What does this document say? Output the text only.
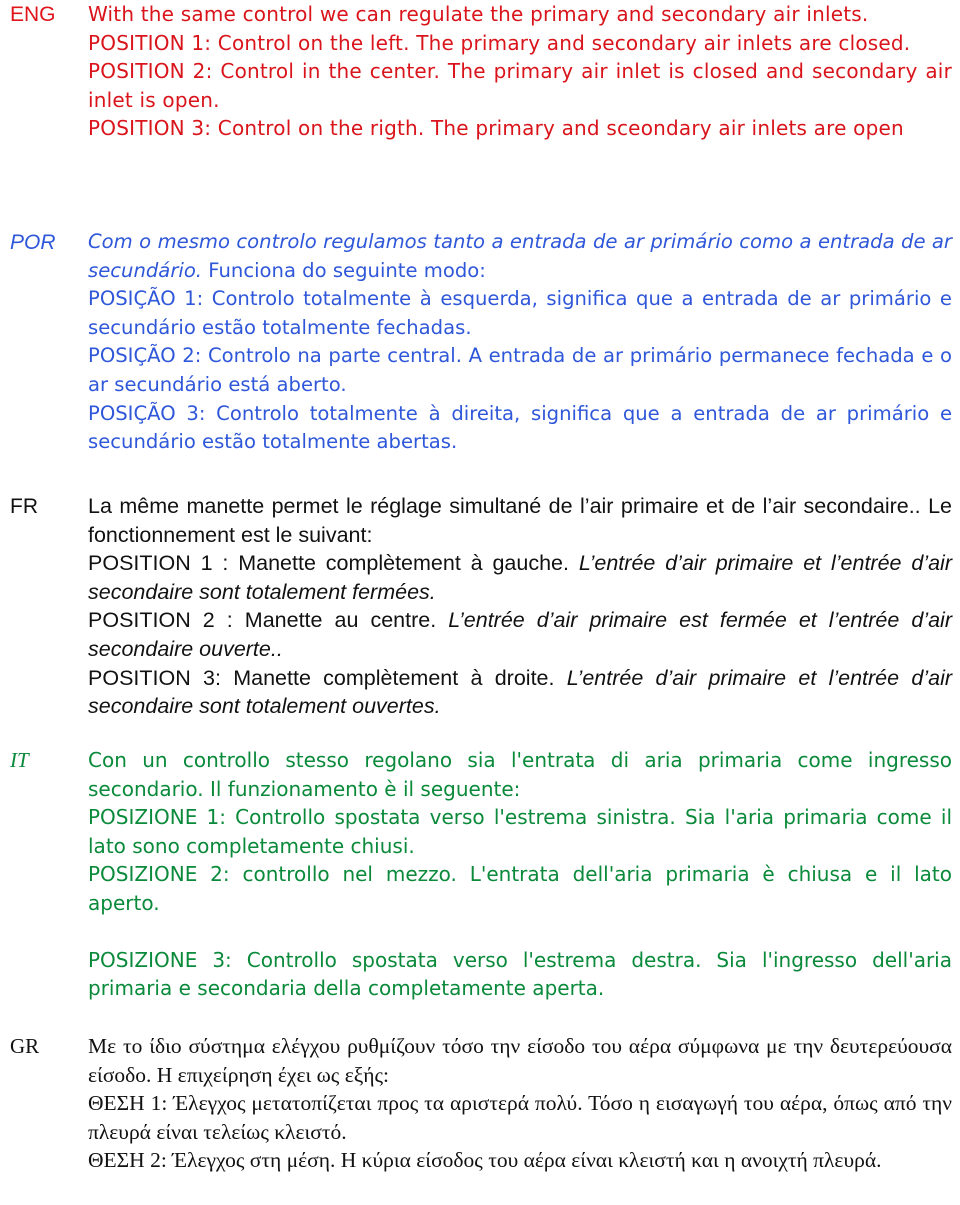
ENG With the same control we can regulate the primary and secondary air inlets.

POSITION 1: Control on the left. The primary and secondary air inlets are closed.

POSITION 2: Control in the center. The primary air inlet is closed and secondary air inlet is open.

POSITION 3: Control on the rigth. The primary and sceondary air inlets are open

POR Com o mesmo controlo regulamos tanto a entrada de ar primário como a entrada de ar secundário. Funciona do seguinte modo:

POSIÇÃO 1: Controlo totalmente à esquerda, significa que a entrada de ar primário e secundário estão totalmente fechadas.

POSIÇÃO 2: Controlo na parte central. A entrada de ar primário permanece fechada e o ar secundário está aberto.

POSIÇÃO 3: Controlo totalmente à direita, significa que a entrada de ar primário e secundário estão totalmente abertas.

FR La même manette permet le réglage simultané de l’air primaire et de l’air secondaire.. Le fonctionnement est le suivant:

POSITION 1 : Manette complètement à gauche. L’entrée d’air primaire et l’entrée d’air secondaire sont totalement fermées.

POSITION 2 : Manette au centre. L’entrée d’air primaire est fermée et l’entrée d’air secondaire ouverte..

POSITION 3: Manette complètement à droite. L’entrée d’air primaire et l’entrée d’air secondaire sont totalement ouvertes.

IT	Con un controllo stesso regolano sia l'entrata di aria primaria come ingresso secondario. Il funzionamento è il seguente:

POSIZIONE 1: Controllo spostata verso l'estrema sinistra. Sia l'aria primaria come il lato sono completamente chiusi.

POSIZIONE 2: controllo nel mezzo. L'entrata dell'aria primaria è chiusa e il lato aperto.

POSIZIONE 3: Controllo spostata verso l'estrema destra. Sia l'ingresso dell'aria primaria e secondaria della completamente aperta.

GR Με το ίδιο σύστημα ελέγχου ρυθμίζουν τόσο την είσοδο του αέρα σύμφωνα με την δευτερεύουσα είσοδο. Η επιχείρηση έχει ως εξής:

ΘΕΣΗ 1: Έλεγχος μετατοπίζεται προς τα αριστερά πολύ. Τόσο η εισαγωγή του αέρα, όπως από την πλευρά είναι τελείως κλειστό.

ΘΕΣΗ 2: Έλεγχος στη μέση. Η κύρια είσοδος του αέρα είναι κλειστή και η ανοιχτή πλευρά.
